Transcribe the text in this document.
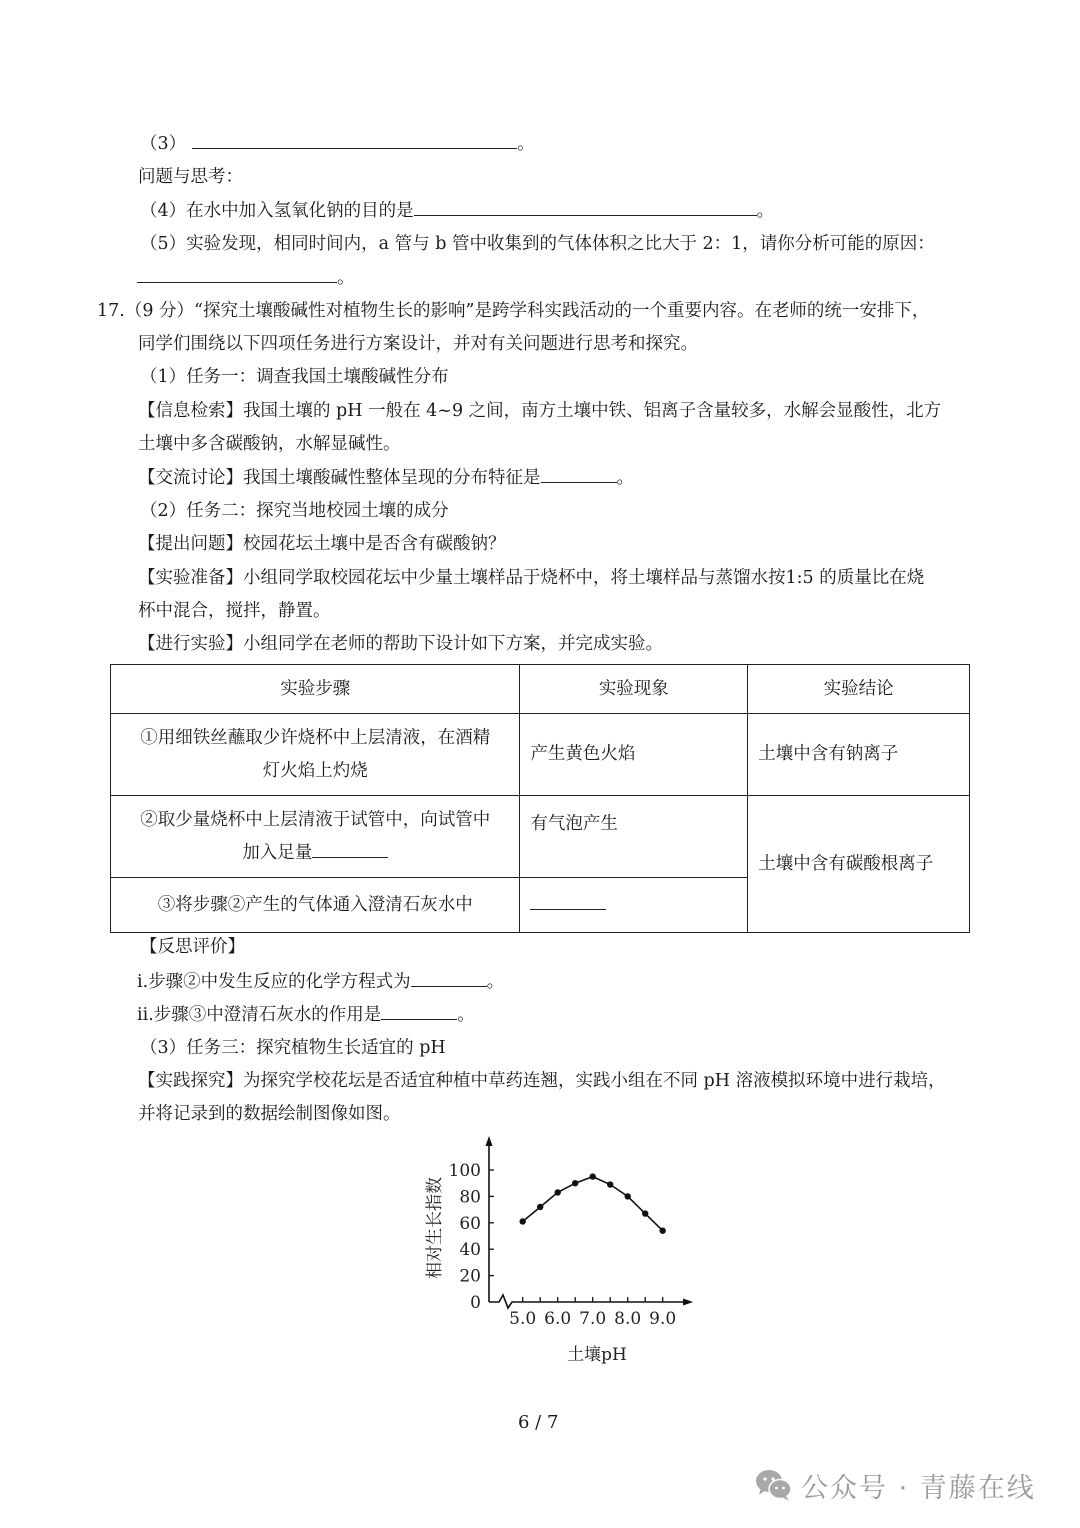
（3）	。
问题与思考：
（4）在水中加入氢氧化钠的目的是	。
（5）实验发现，相同时间内，a 管与 b 管中收集到的气体体积之比大于 2：1，请你分析可能的原因：
。
17.（9 分）“探究土壤酸碱性对植物生长的影响”是跨学科实践活动的一个重要内容。在老师的统一安排下，
同学们围绕以下四项任务进行方案设计，并对有关问题进行思考和探究。
（1）任务一：调查我国土壤酸碱性分布
【信息检索】我国土壤的 pH 一般在 4~9 之间，南方土壤中铁、铝离子含量较多，水解会显酸性，北方
土壤中多含碳酸钠，水解显碱性。
【交流讨论】我国土壤酸碱性整体呈现的分布特征是	。
（2）任务二：探究当地校园土壤的成分
【提出问题】校园花坛土壤中是否含有碳酸钠？
【实验准备】小组同学取校园花坛中少量土壤样品于烧杯中，将土壤样品与蒸馏水按1:5 的质量比在烧
杯中混合，搅拌，静置。
【进行实验】小组同学在老师的帮助下设计如下方案，并完成实验。
实验步骤	实验现象	实验结论

①用细铁丝蘸取少许烧杯中上层清液，在酒精
灯火焰上灼烧	产生黄色火焰	土壤中含有钠离子

②取少量烧杯中上层清液于试管中，向试管中
加入足量	有气泡产生	土壤中含有碳酸根离子
③将步骤②产生的气体通入澄清石灰水中		
【反思评价】
i.步骤②中发生反应的化学方程式为	。
ii.步骤③中澄清石灰水的作用是	。
（3）任务三：探究植物生长适宜的 pH
【实践探究】为探究学校花坛是否适宜种植中草药连翘，实践小组在不同 pH 溶液模拟环境中进行栽培，
并将记录到的数据绘制图像如图。
0
20
40
60
80
100
5.0 6.0 7.0 8.0 9.0
相对生长指数
土壤pH
6 / 7
公众号 · 青藤在线
